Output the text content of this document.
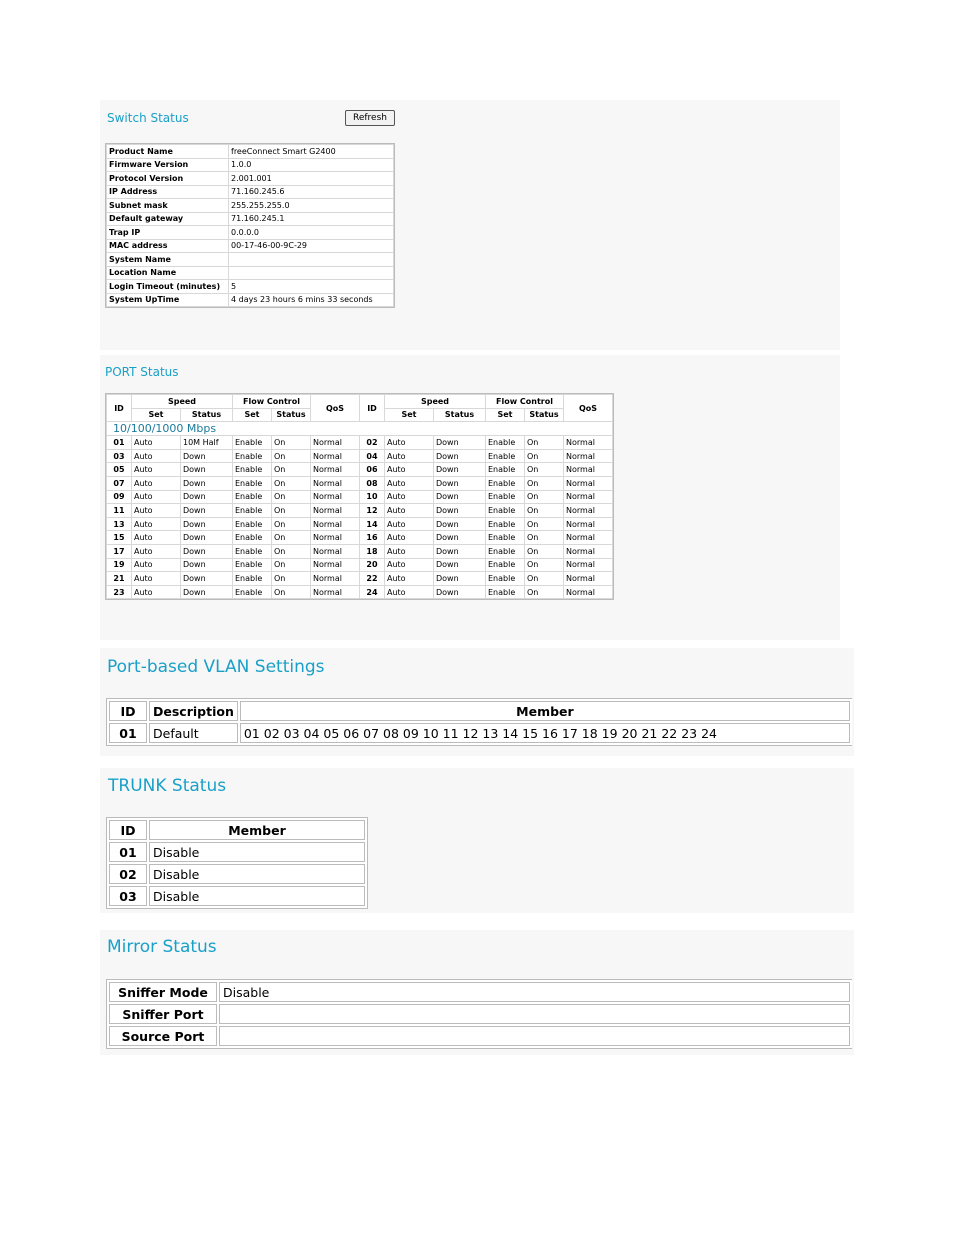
Switch Status	Refresh
Product Name	freeConnect Smart G2400
Firmware Version	1.0.0
Protocol Version	2.001.001
IP Address	71.160.245.6
Subnet mask	255.255.255.0
Default gateway	71.160.245.1
Trap IP	0.0.0.0
MAC address	00-17-46-00-9C-29
System Name	
Location Name	
Login Timeout (minutes)	5
System UpTime	4 days 23 hours 6 mins 33 seconds
PORT Status
ID	Speed		Flow Control		QoS	ID	Speed		Flow Control		QoS
	Set	Status	Set	Status			Set	Status	Set	Status	
10/100/1000 Mbps											
01	Auto	10M Half	Enable	On	Normal	02	Auto	Down	Enable	On	Normal
03	Auto	Down	Enable	On	Normal	04	Auto	Down	Enable	On	Normal
05	Auto	Down	Enable	On	Normal	06	Auto	Down	Enable	On	Normal
07	Auto	Down	Enable	On	Normal	08	Auto	Down	Enable	On	Normal
09	Auto	Down	Enable	On	Normal	10	Auto	Down	Enable	On	Normal
11	Auto	Down	Enable	On	Normal	12	Auto	Down	Enable	On	Normal
13	Auto	Down	Enable	On	Normal	14	Auto	Down	Enable	On	Normal
15	Auto	Down	Enable	On	Normal	16	Auto	Down	Enable	On	Normal
17	Auto	Down	Enable	On	Normal	18	Auto	Down	Enable	On	Normal
19	Auto	Down	Enable	On	Normal	20	Auto	Down	Enable	On	Normal
21	Auto	Down	Enable	On	Normal	22	Auto	Down	Enable	On	Normal
23	Auto	Down	Enable	On	Normal	24	Auto	Down	Enable	On	Normal
Port-based VLAN Settings
ID	Description	Member
01	Default	01 02 03 04 05 06 07 08 09 10 11 12 13 14 15 16 17 18 19 20 21 22 23 24
TRUNK Status
ID	Member
01	Disable
02	Disable
03	Disable
Mirror Status
Sniffer Mode	Disable
Sniffer Port	
Source Port	
